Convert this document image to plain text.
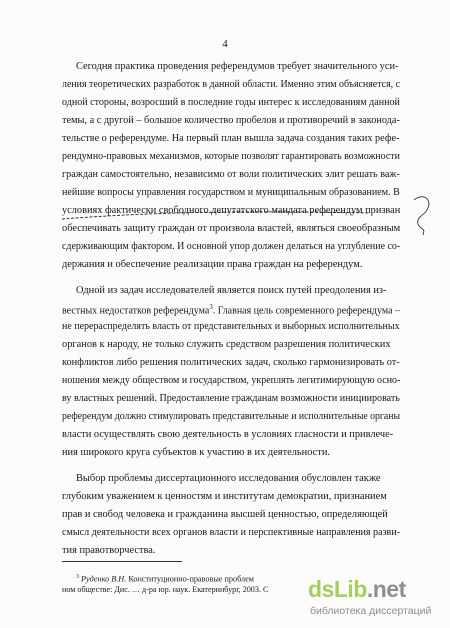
4
Сегодня практика проведения референдумов требует значительного уси-
ления теоретических разработок в данной области. Именно этим объясняется, с
одной стороны, возросший в последние годы интерес к исследованиям данной
темы, а с другой – большое количество пробелов и противоречий в законода-
тельстве о референдуме. На первый план вышла задача создания таких рефе-
рендумно-правовых механизмов, которые позволят гарантировать возможности
граждан самостоятельно, независимо от воли политических элит решать важ-
нейшие вопросы управления государством и муниципальным образованием. В
условиях фактически свободного депутатского мандата референдум призван
обеспечивать защиту граждан от произвола властей, являться своеобразным
сдерживающим фактором. И основной упор должен делаться на углубление со-
держания и обеспечение реализации права граждан на референдум.
Одной из задач исследователей является поиск путей преодоления из-
вестных недостатков референдума$^3$. Главная цель современного референдума –
не перераспределять власть от представительных и выборных исполнительных
органов к народу, не только служить средством разрешения политических
конфликтов либо решения политических задач, сколько гармонизировать от-
ношения между обществом и государством, укреплять легитимирующую осно-
ву властных решений. Предоставление гражданам возможности инициировать
референдум должно стимулировать представительные и исполнительные органы
власти осуществлять свою деятельность в условиях гласности и привлече-
ния широкого круга субъектов к участию в их деятельности.
Выбор проблемы диссертационного исследования обусловлен также
глубоким уважением к ценностям и институтам демократии, признанием
прав и свобод человека и гражданина высшей ценностью, определяющей
смысл деятельности всех органов власти и перспективные направления разви-
тия правотворчества.
$^3$ Руденко В.Н. Конституционно-правовые проблем
ном обществе: Дис. … д-ра юр. наук. Екатеринбург, 2003. С dsLib.net
библиотека диссертаций
